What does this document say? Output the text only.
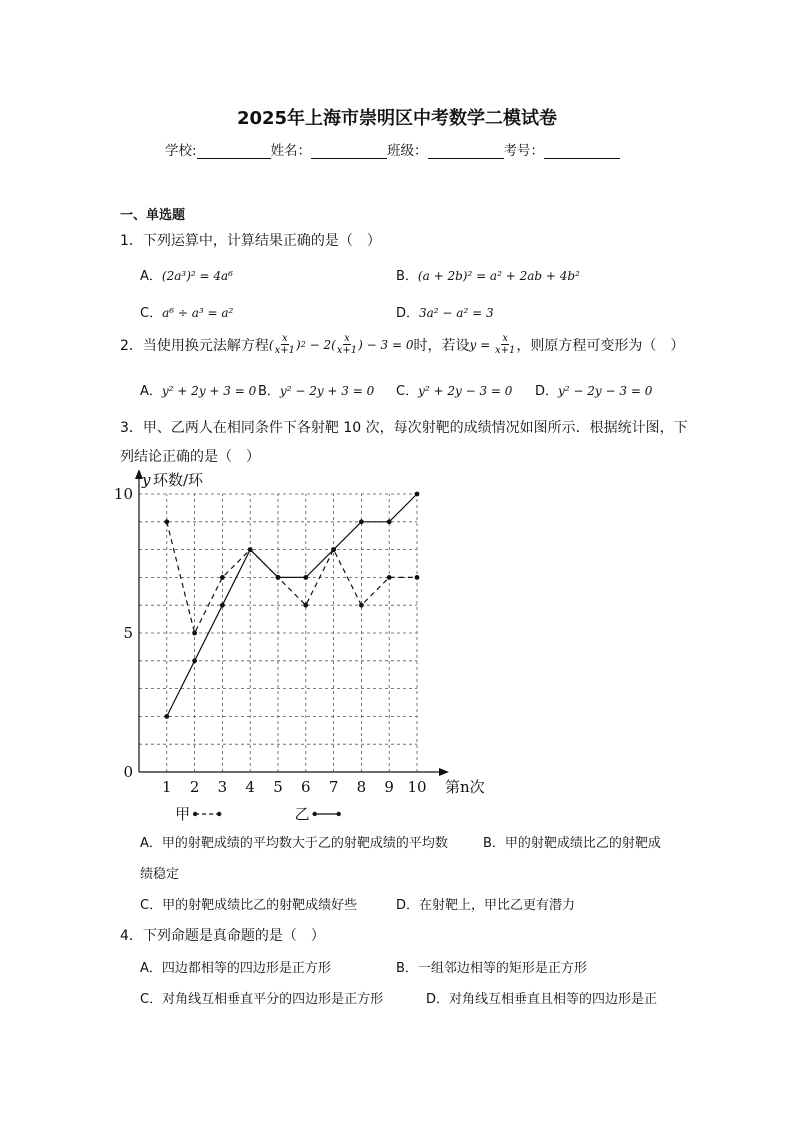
2025年上海市崇明区中考数学二模试卷
学校:	姓名：	班级：	考号：
一、单选题
1．下列运算中，计算结果正确的是（　）
A．(2a³)² = 4a⁶	B．(a + 2b)² = a² + 2ab + 4b²
C．a⁶ ÷ a³ = a²	D．3a² − a² = 3
2．当使用换元法解方程 ( $\frac{x}{x+1}$ ) $2 - 2( \frac{x}{x+1}$ ) − 3 = 0 时，若设 $y = \frac{x}{x+1}$ ，则原方程可变形为（　）
A．y² + 2y + 3 = 0 B．y² − 2y + 3 = 0 C．y² + 2y − 3 = 0 D．y² − 2y − 3 = 0
3．甲、乙两人在相同条件下各射靶 10 次，每次射靶的成绩情况如图所示．根据统计图，下
列结论正确的是（　）
1 2 3 4 5 6 7 8 9 10
0
5
10
y 环数/环
第n次
甲	乙
A．甲的射靶成绩的平均数大于乙的射靶成绩的平均数	B．甲的射靶成绩比乙的射靶成
绩稳定
C．甲的射靶成绩比乙的射靶成绩好些	D．在射靶上，甲比乙更有潜力
4．下列命题是真命题的是（　）
A．四边都相等的四边形是正方形	B．一组邻边相等的矩形是正方形
C．对角线互相垂直平分的四边形是正方形	D．对角线互相垂直且相等的四边形是正
